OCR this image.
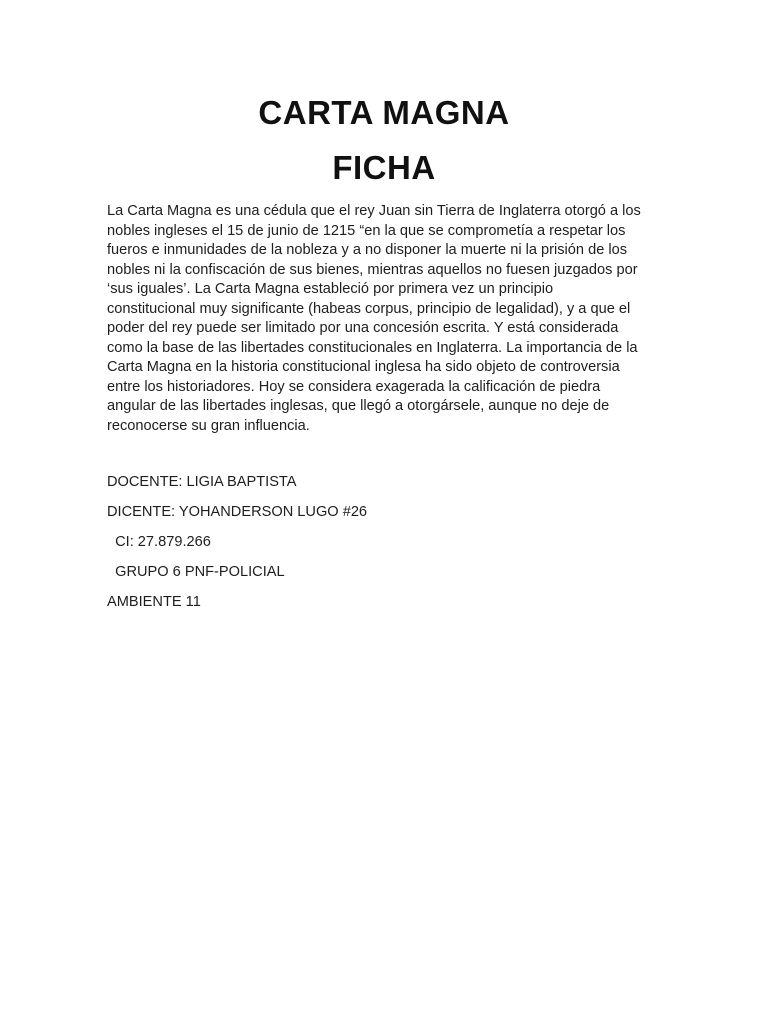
CARTA MAGNA
FICHA

La Carta Magna es una cédula que el rey Juan sin Tierra de Inglaterra otorgó a los
nobles ingleses el 15 de junio de 1215 “en la que se comprometía a respetar los
fueros e inmunidades de la nobleza y a no disponer la muerte ni la prisión de los
nobles ni la confiscación de sus bienes, mientras aquellos no fuesen juzgados por
‘sus iguales’. La Carta Magna estableció por primera vez un principio
constitucional muy significante (habeas corpus, principio de legalidad), y a que el
poder del rey puede ser limitado por una concesión escrita. Y está considerada
como la base de las libertades constitucionales en Inglaterra. La importancia de la
Carta Magna en la historia constitucional inglesa ha sido objeto de controversia
entre los historiadores. Hoy se considera exagerada la calificación de piedra
angular de las libertades inglesas, que llegó a otorgársele, aunque no deje de
reconocerse su gran influencia.

DOCENTE: LIGIA BAPTISTA

DICENTE: YOHANDERSON LUGO #26

CI: 27.879.266

GRUPO 6 PNF-POLICIAL

AMBIENTE 11
